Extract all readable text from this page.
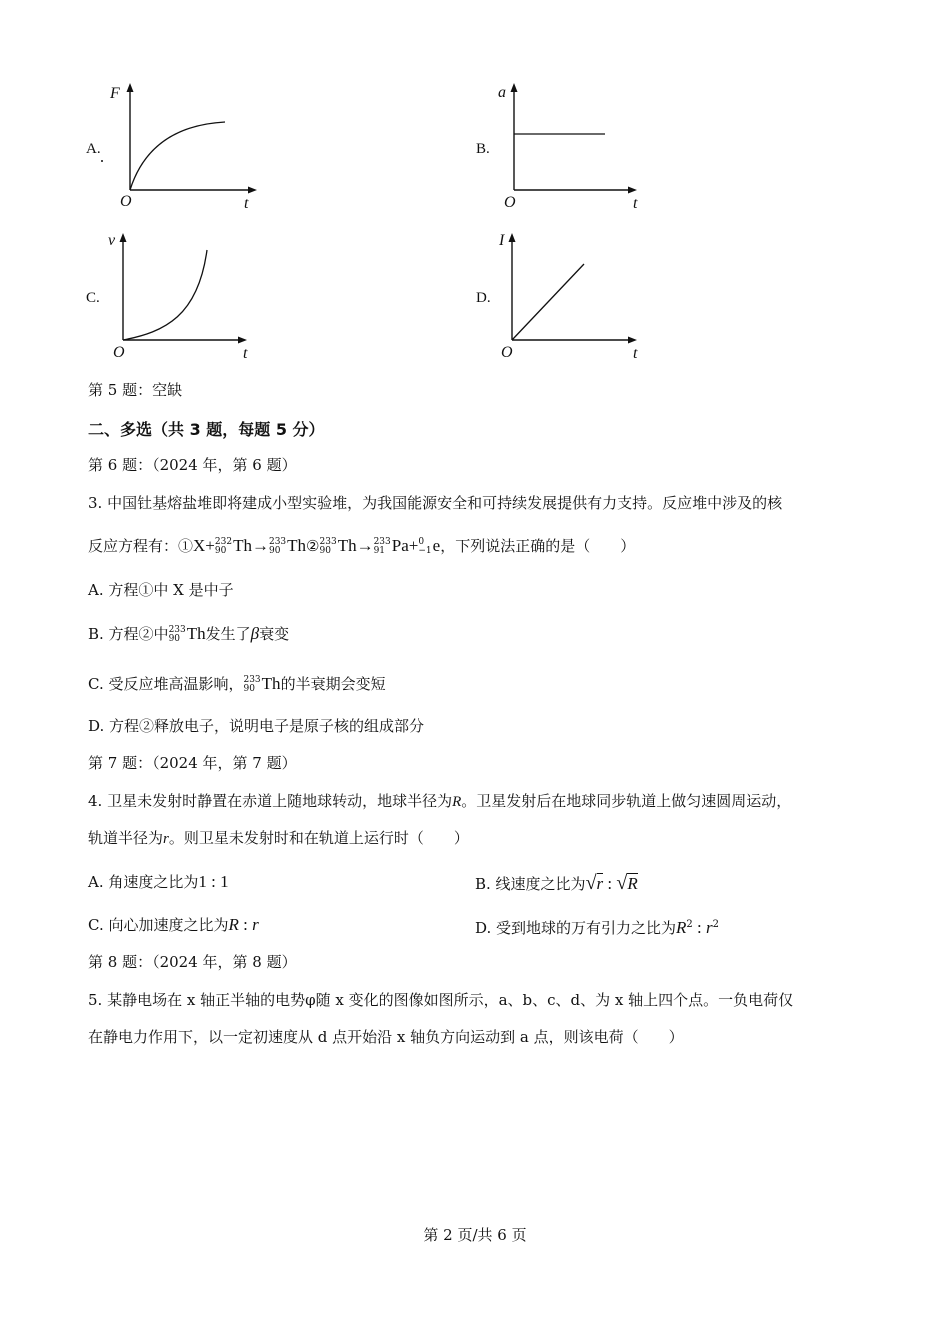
A.
F
t
O
B.
a
t
O
C.
v
t
O
D.
I
t
O
第 5 题：空缺
二、多选（共 3 题，每题 5 分）
第 6 题：（2024 年，第 6 题）
3. 中国钍基熔盐堆即将建成小型实验堆，为我国能源安全和可持续发展提供有力支持。反应堆中涉及的核
反应方程有：①X+ 232
90 Th→ 233
90 Th② 233
90 Th→ 233
91 Pa+ 0
−1 e，下列说法正确的是（　　）
A. 方程①中 X 是中子
B. 方程②中 233
90 Th发生了β衰变
C. 受反应堆高温影响， 233
90 Th的半衰期会变短
D. 方程②释放电子，说明电子是原子核的组成部分
第 7 题：（2024 年，第 7 题）
4. 卫星未发射时静置在赤道上随地球转动，地球半径为R。卫星发射后在地球同步轨道上做匀速圆周运动，
轨道半径为r。则卫星未发射时和在轨道上运行时（　　）
A. 角速度之比为1 : 1	B. 线速度之比为√r : √R
C. 向心加速度之比为R : r	D. 受到地球的万有引力之比为$R^2$ : $r^2$
第 8 题：（2024 年，第 8 题）
5. 某静电场在 x 轴正半轴的电势φ随 x 变化的图像如图所示，a、b、c、d、为 x 轴上四个点。一负电荷仅
在静电力作用下，以一定初速度从 d 点开始沿 x 轴负方向运动到 a 点，则该电荷（　　）
第 2 页/共 6 页
